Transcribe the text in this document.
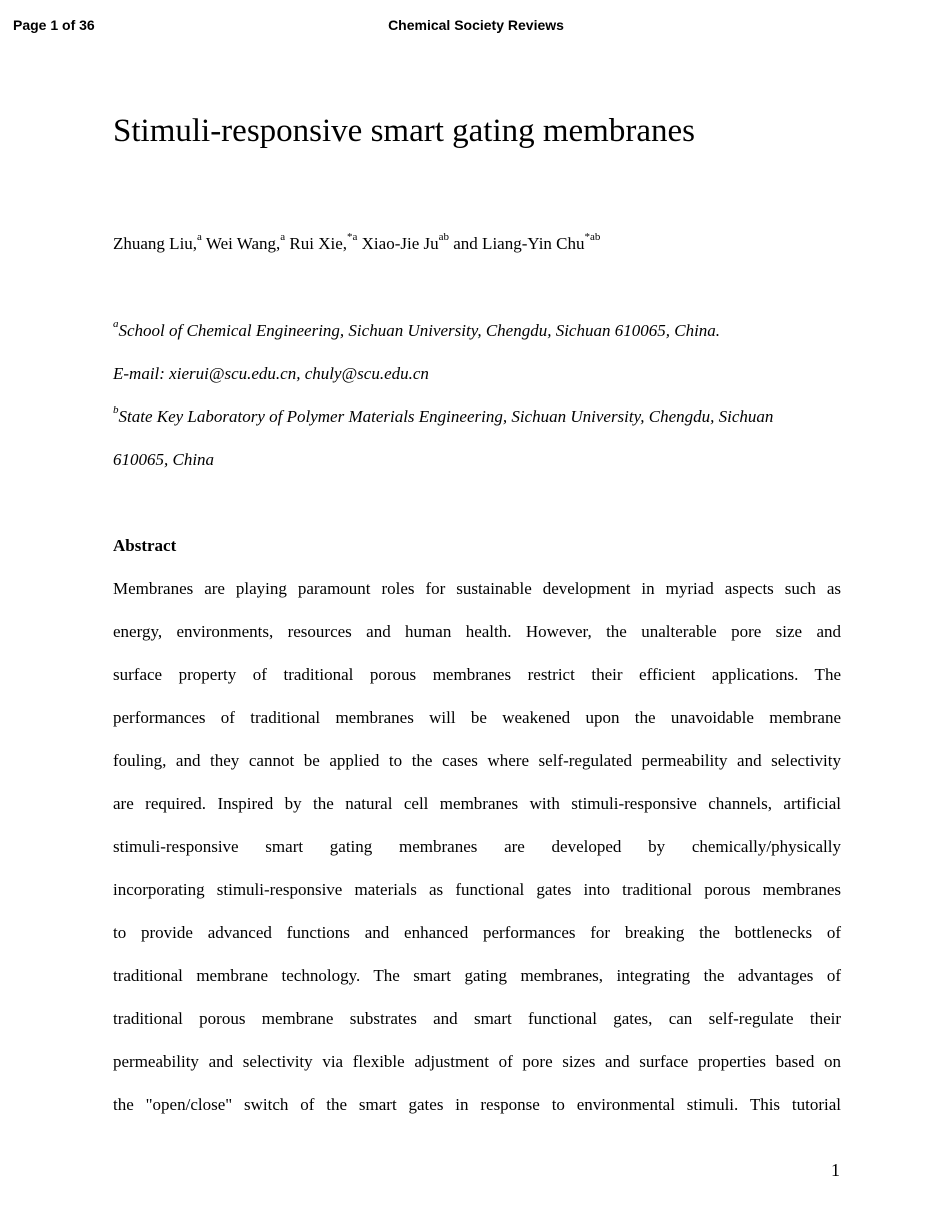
Page 1 of 36	Chemical Society Reviews
Stimuli-responsive smart gating membranes
Zhuang Liu,$^a$ Wei Wang,$^a$ Rui Xie,$^{*a}$ Xiao-Jie $Ju^{ab}$ and Liang-Yin Chu$^{*ab}$
$^a$School of Chemical Engineering, Sichuan University, Chengdu, Sichuan 610065, China.
E-mail: xierui@scu.edu.cn, chuly@scu.edu.cn
$^b$State Key Laboratory of Polymer Materials Engineering, Sichuan University, Chengdu, Sichuan
610065, China
Abstract
Membranes are playing paramount roles for sustainable development in myriad aspects such as
energy, environments, resources and human health. However, the unalterable pore size and
surface property of traditional porous membranes restrict their efficient applications. The
performances of traditional membranes will be weakened upon the unavoidable membrane
fouling, and they cannot be applied to the cases where self-regulated permeability and selectivity
are required. Inspired by the natural cell membranes with stimuli-responsive channels, artificial
stimuli-responsive smart gating membranes are developed by chemically/physically
incorporating stimuli-responsive materials as functional gates into traditional porous membranes
to provide advanced functions and enhanced performances for breaking the bottlenecks of
traditional membrane technology. The smart gating membranes, integrating the advantages of
traditional porous membrane substrates and smart functional gates, can self-regulate their
permeability and selectivity via flexible adjustment of pore sizes and surface properties based on
the "open/close" switch of the smart gates in response to environmental stimuli. This tutorial
1
